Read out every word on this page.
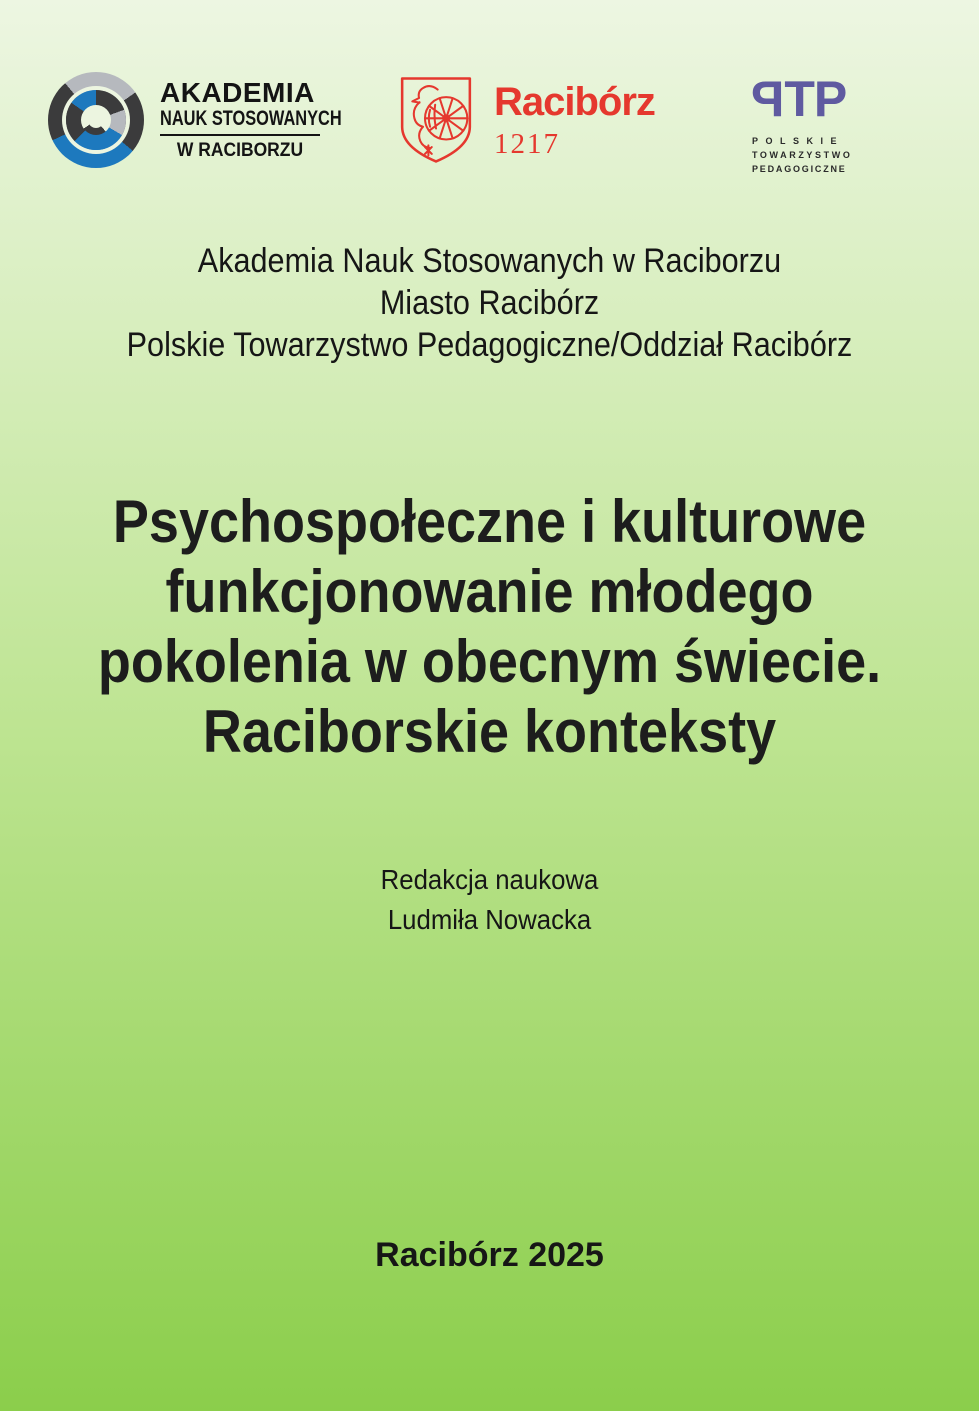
AKADEMIA
NAUK STOSOWANYCH
W RACIBORZU
Racibórz
1217
PTP
POLSKIE
TOWARZYSTWO
PEDAGOGICZNE
Akademia Nauk Stosowanych w Raciborzu
Miasto Racibórz
Polskie Towarzystwo Pedagogiczne/Oddział Racibórz
Psychospołeczne i kulturowe
funkcjonowanie młodego
pokolenia w obecnym świecie.
Raciborskie konteksty
Redakcja naukowa
Ludmiła Nowacka
Racibórz 2025
